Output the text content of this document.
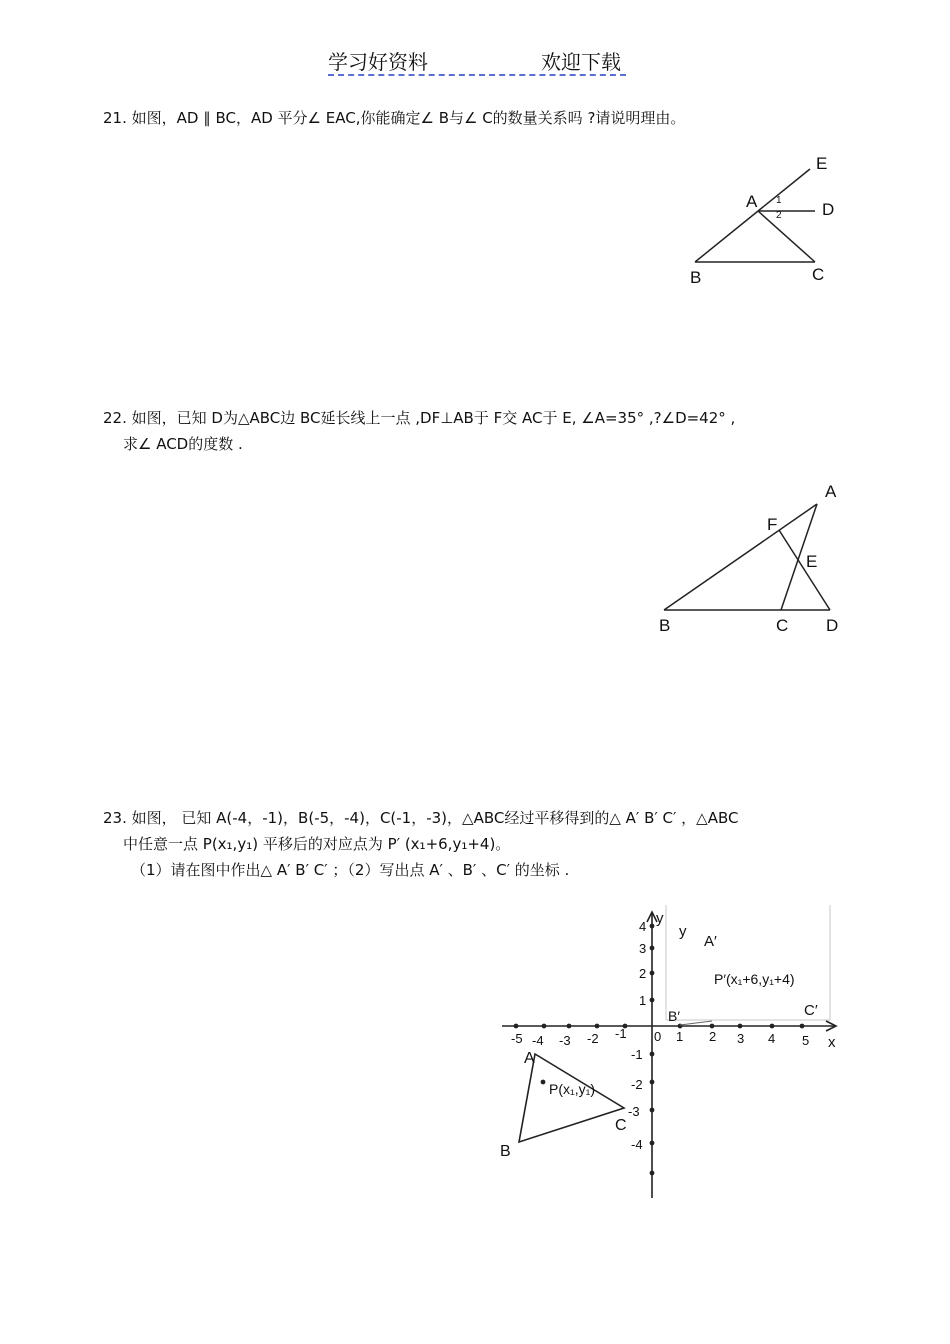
学习好资料	欢迎下载
21. 如图，AD ∥ BC，AD 平分∠ EAC,你能确定∠ B与∠ C的数量关系吗 ?请说明理由。
E
A	D
B	C
1
2
22. 如图，已知 D为△ABC边 BC延长线上一点 ,DF⊥AB于 F交 AC于 E, ∠A=35° ,?∠D=42° ,
求∠ ACD的度数 .
A
F
E
B	C D
23. 如图， 已知 A(-4，-1)，B(-5，-4)，C(-1，-3)，△ABC经过平移得到的△ A′ B′ C′ ，△ABC
中任意一点 P(x₁,y₁) 平移后的对应点为 P′ (x₁+6,y₁+4)。
（1）请在图中作出△ A′ B′ C′ ；（2）写出点 A′ 、B′ 、C′ 的坐标 .
-5 -4 -3 -2 -1 0 1 2 3 4 5 x
4
3
2
1
-1
-2
-3
-4
y
y
A
B
C
P(x₁,y₁)
A′
P′(x₁+6,y₁+4)
B′	C′
